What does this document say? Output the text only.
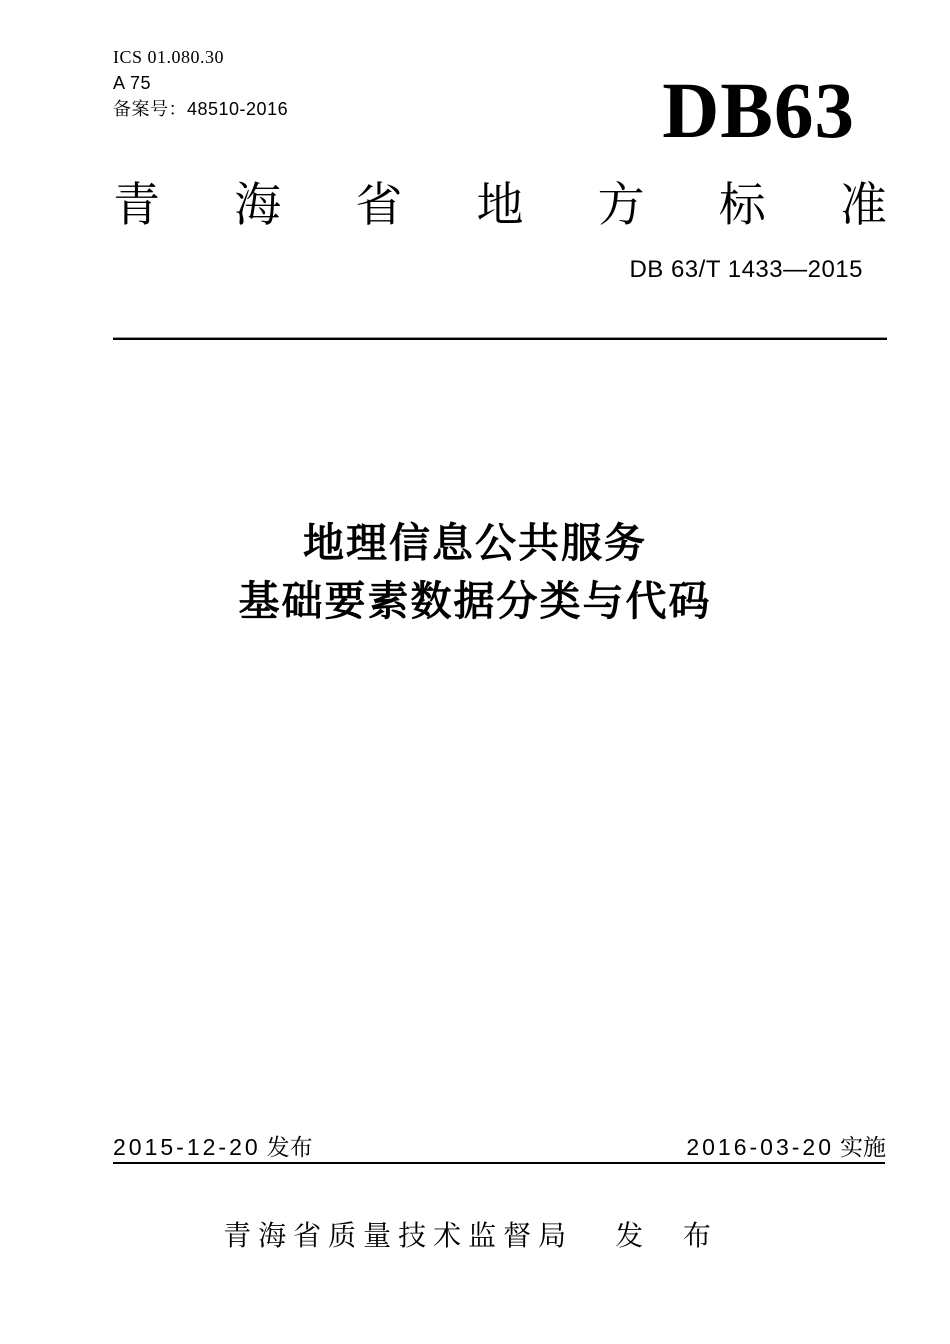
ICS 01.080.30
A 75
备案号：48510-2016	DB63
青 海 省 地 方 标 准
DB 63/T 1433—2015
地理信息公共服务
基础要素数据分类与代码
2015-12-20 发布	2016-03-20 实施
青海省质量技术监督局 发 布
